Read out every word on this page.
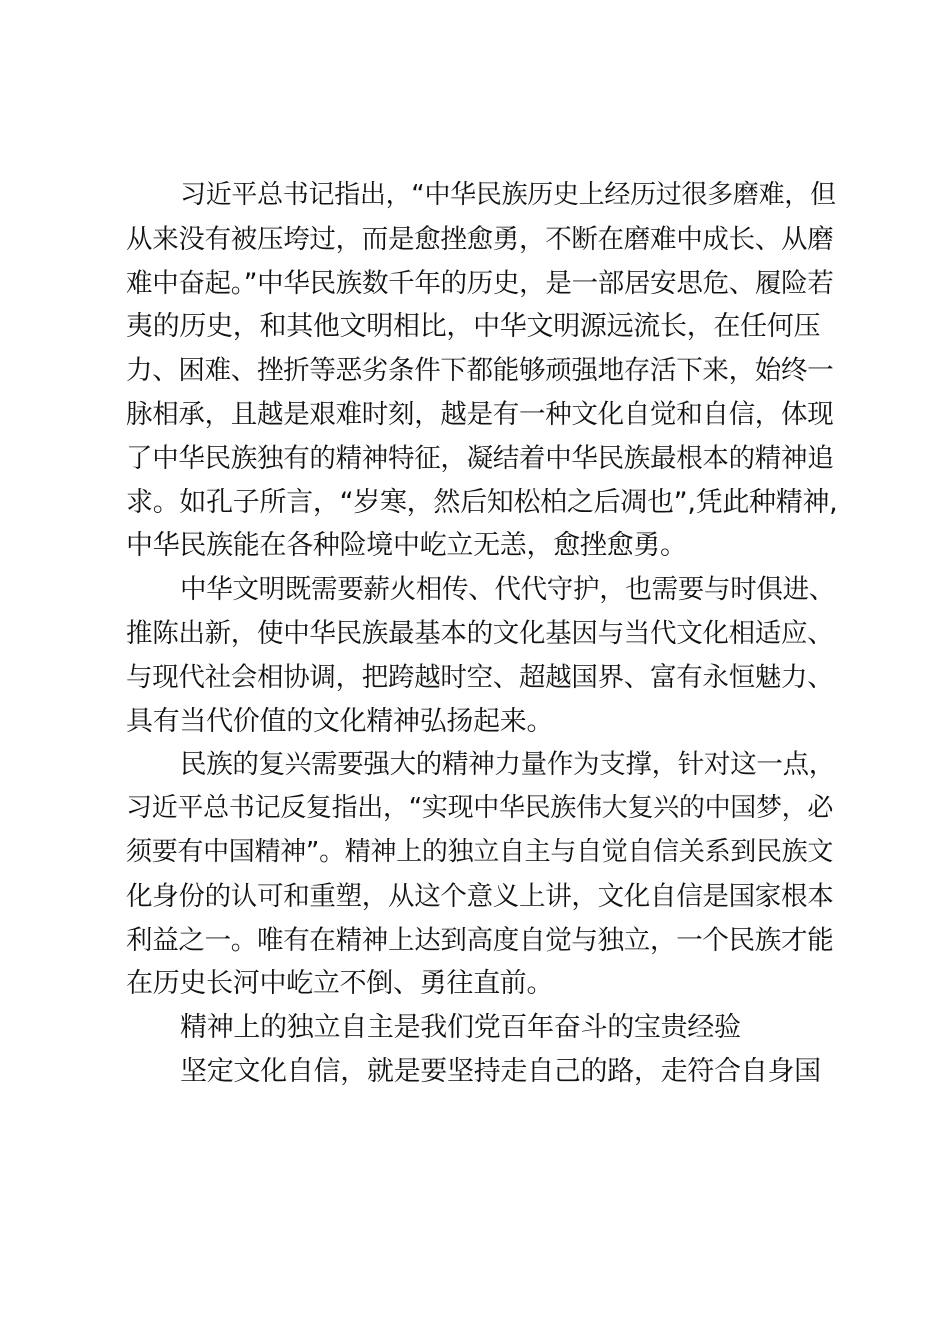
习近平总书记指出，“中华民族历史上经历过很多磨难，但
从来没有被压垮过，而是愈挫愈勇，不断在磨难中成长、从磨
难中奋起。”中华民族数千年的历史，是一部居安思危、履险若
夷的历史，和其他文明相比，中华文明源远流长，在任何压
力、困难、挫折等恶劣条件下都能够顽强地存活下来，始终一
脉相承，且越是艰难时刻，越是有一种文化自觉和自信，体现
了中华民族独有的精神特征，凝结着中华民族最根本的精神追
求。如孔子所言，“岁寒，然后知松柏之后凋也”,凭此种精神,
中华民族能在各种险境中屹立无恙，愈挫愈勇。
中华文明既需要薪火相传、代代守护，也需要与时俱进、
推陈出新，使中华民族最基本的文化基因与当代文化相适应、
与现代社会相协调，把跨越时空、超越国界、富有永恒魅力、
具有当代价值的文化精神弘扬起来。
民族的复兴需要强大的精神力量作为支撑，针对这一点，
习近平总书记反复指出，“实现中华民族伟大复兴的中国梦，必
须要有中国精神”。精神上的独立自主与自觉自信关系到民族文
化身份的认可和重塑，从这个意义上讲，文化自信是国家根本
利益之一。唯有在精神上达到高度自觉与独立，一个民族才能
在历史长河中屹立不倒、勇往直前。
精神上的独立自主是我们党百年奋斗的宝贵经验
坚定文化自信，就是要坚持走自己的路，走符合自身国
